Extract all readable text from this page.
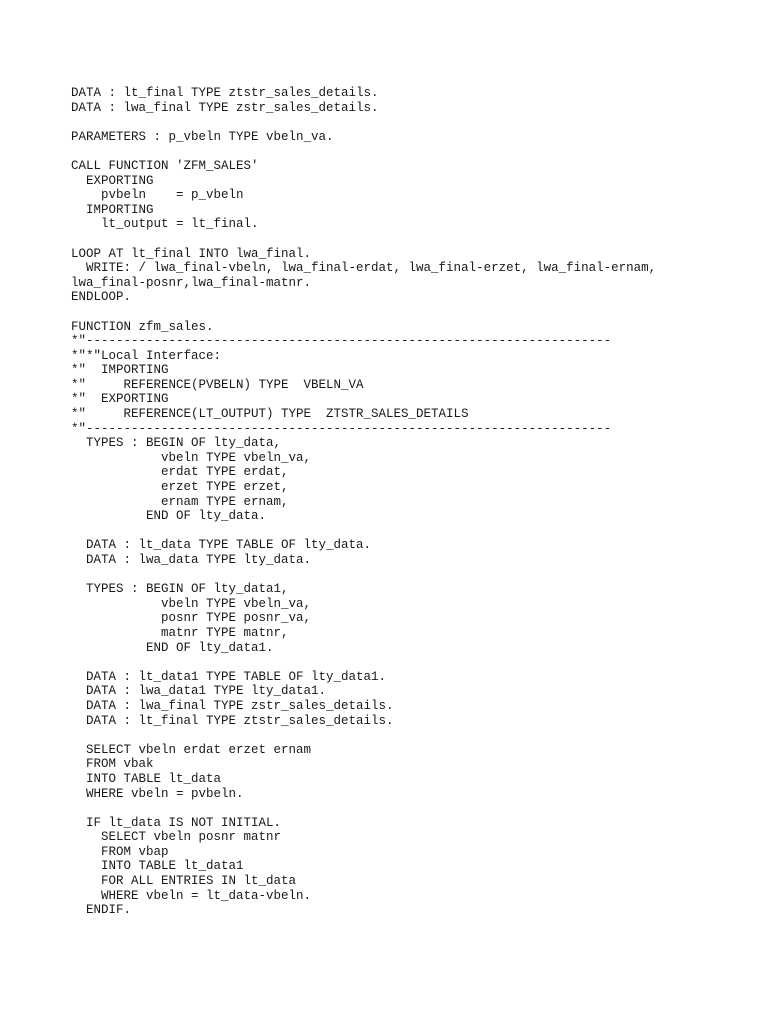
DATA : lt_final TYPE ztstr_sales_details.
DATA : lwa_final TYPE zstr_sales_details.
PARAMETERS : p_vbeln TYPE vbeln_va.
CALL FUNCTION 'ZFM_SALES'
EXPORTING
pvbeln    = p_vbeln
IMPORTING
lt_output = lt_final.
LOOP AT lt_final INTO lwa_final.
WRITE: / lwa_final-vbeln, lwa_final-erdat, lwa_final-erzet, lwa_final-ernam,
lwa_final-posnr,lwa_final-matnr.
ENDLOOP.
FUNCTION zfm_sales.
*"----------------------------------------------------------------------
*"*"Local Interface:
*"  IMPORTING
*"     REFERENCE(PVBELN) TYPE  VBELN_VA
*"  EXPORTING
*"     REFERENCE(LT_OUTPUT) TYPE  ZTSTR_SALES_DETAILS
*"----------------------------------------------------------------------
TYPES : BEGIN OF lty_data,
vbeln TYPE vbeln_va,
erdat TYPE erdat,
erzet TYPE erzet,
ernam TYPE ernam,
END OF lty_data.
DATA : lt_data TYPE TABLE OF lty_data.
DATA : lwa_data TYPE lty_data.
TYPES : BEGIN OF lty_data1,
vbeln TYPE vbeln_va,
posnr TYPE posnr_va,
matnr TYPE matnr,
END OF lty_data1.
DATA : lt_data1 TYPE TABLE OF lty_data1.
DATA : lwa_data1 TYPE lty_data1.
DATA : lwa_final TYPE zstr_sales_details.
DATA : lt_final TYPE ztstr_sales_details.
SELECT vbeln erdat erzet ernam
FROM vbak
INTO TABLE lt_data
WHERE vbeln = pvbeln.
IF lt_data IS NOT INITIAL.
SELECT vbeln posnr matnr
FROM vbap
INTO TABLE lt_data1
FOR ALL ENTRIES IN lt_data
WHERE vbeln = lt_data-vbeln.
ENDIF.
